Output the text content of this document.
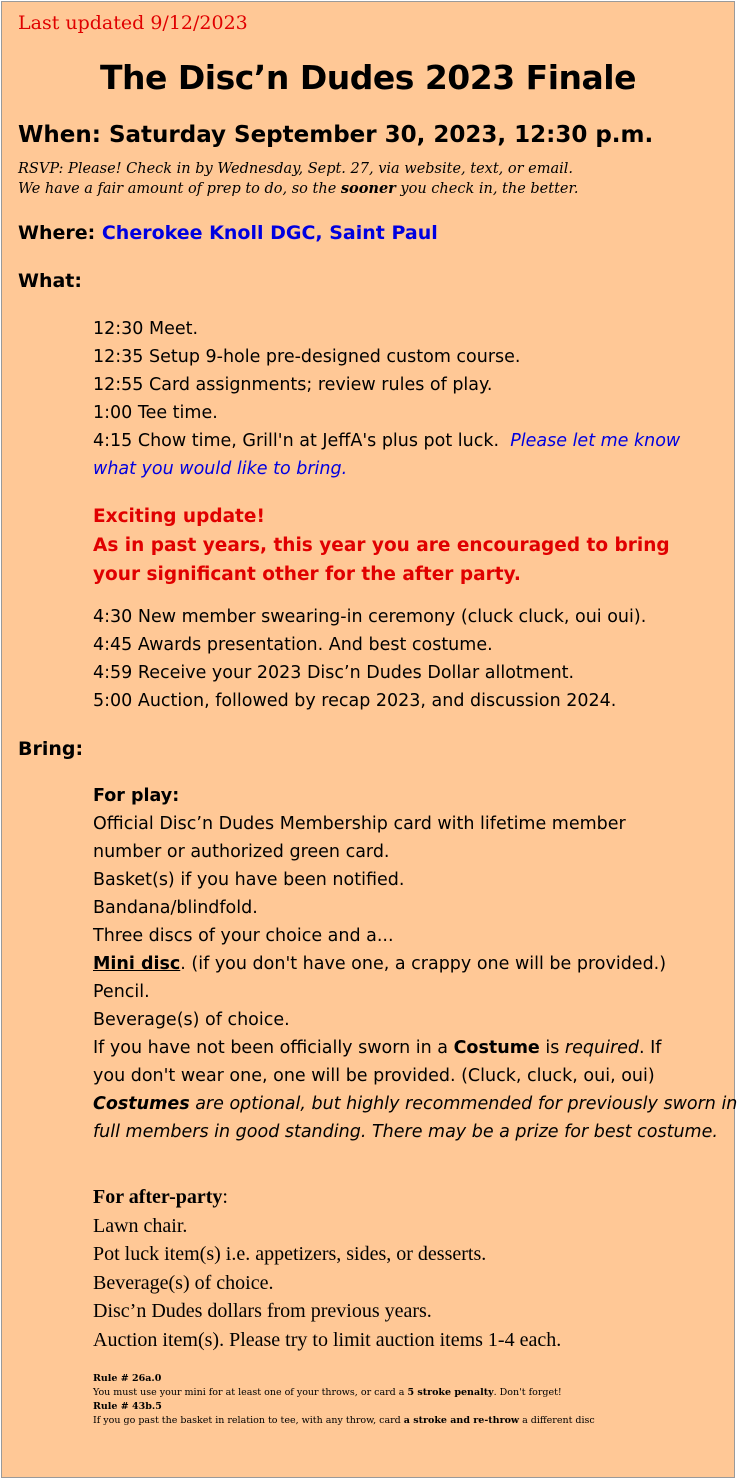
Last updated 9/12/2023
The Disc’n Dudes 2023 Finale
When: Saturday September 30, 2023, 12:30 p.m.
RSVP: Please! Check in by Wednesday, Sept. 27, via website, text, or email.
We have a fair amount of prep to do, so the sooner you check in, the better.
Where: Cherokee Knoll DGC, Saint Paul
What:
12:30 Meet.
12:35 Setup 9-hole pre-designed custom course.
12:55 Card assignments; review rules of play.
1:00 Tee time.
4:15 Chow time, Grill'n at JeffA's plus pot luck. Please let me know
what you would like to bring.
Exciting update!
As in past years, this year you are encouraged to bring
your significant other for the after party.
4:30 New member swearing-in ceremony (cluck cluck, oui oui).
4:45 Awards presentation. And best costume.
4:59 Receive your 2023 Disc’n Dudes Dollar allotment.
5:00 Auction, followed by recap 2023, and discussion 2024.
Bring:
For play:
Official Disc’n Dudes Membership card with lifetime member
number or authorized green card.
Basket(s) if you have been notified.
Bandana/blindfold.
Three discs of your choice and a...
Mini disc. (if you don't have one, a crappy one will be provided.)
Pencil.
Beverage(s) of choice.
If you have not been officially sworn in a Costume is required. If
you don't wear one, one will be provided. (Cluck, cluck, oui, oui)
Costumes are optional, but highly recommended for previously sworn in
full members in good standing. There may be a prize for best costume.
For after-party:
Lawn chair.
Pot luck item(s) i.e. appetizers, sides, or desserts.
Beverage(s) of choice.
Disc’n Dudes dollars from previous years.
Auction item(s). Please try to limit auction items 1-4 each.
Rule # 26a.0
You must use your mini for at least one of your throws, or card a 5 stroke penalty. Don't forget!
Rule # 43b.5
If you go past the basket in relation to tee, with any throw, card a stroke and re-throw a different disc
